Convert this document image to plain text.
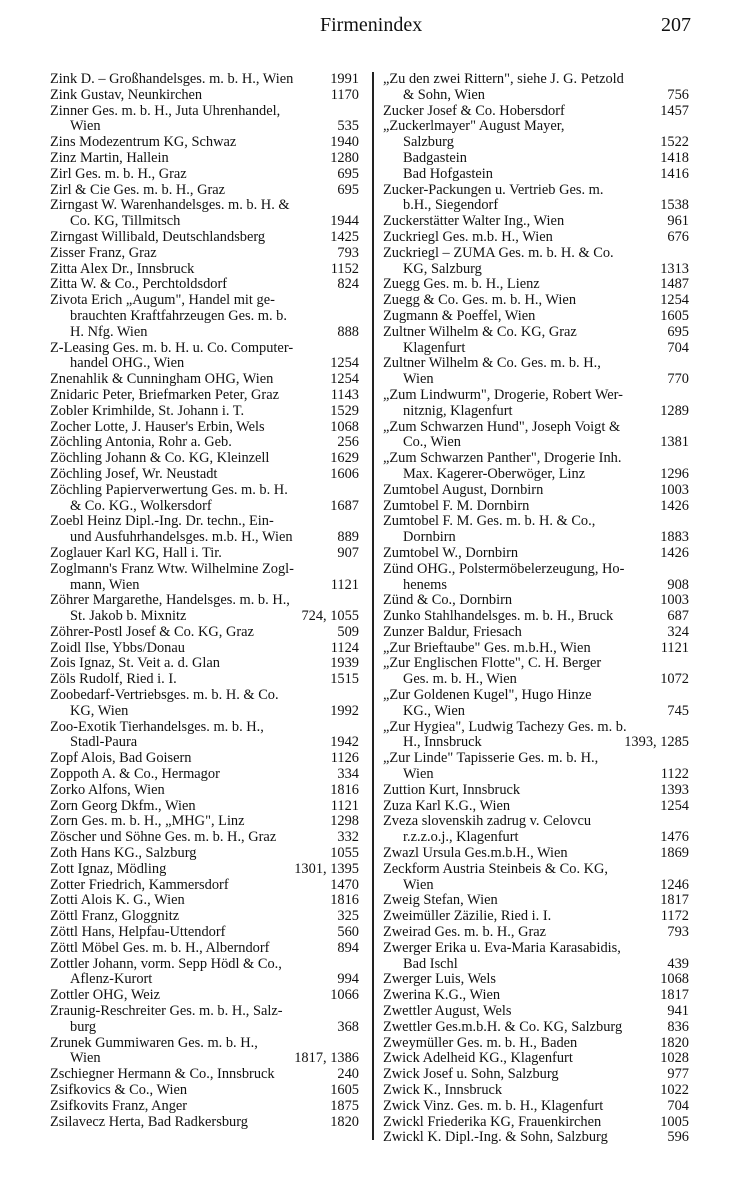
Firmenindex	207
Zink D. – Großhandelsges. m. b. H., Wien	1991
Zink Gustav, Neunkirchen	1170
Zinner Ges. m. b. H., Juta Uhrenhandel,
Wien	535
Zins Modezentrum KG, Schwaz	1940
Zinz Martin, Hallein	1280
Zirl Ges. m. b. H., Graz	695
Zirl & Cie Ges. m. b. H., Graz	695
Zirngast W. Warenhandelsges. m. b. H. &
Co. KG, Tillmitsch	1944
Zirngast Willibald, Deutschlandsberg	1425
Zisser Franz, Graz	793
Zitta Alex Dr., Innsbruck	1152
Zitta W. & Co., Perchtoldsdorf	824
Zivota Erich „Augum", Handel mit ge-
brauchten Kraftfahrzeugen Ges. m. b.
H. Nfg. Wien	888
Z-Leasing Ges. m. b. H. u. Co. Computer-
handel OHG., Wien	1254
Znenahlik & Cunningham OHG, Wien	1254
Znidaric Peter, Briefmarken Peter, Graz	1143
Zobler Krimhilde, St. Johann i. T.	1529
Zocher Lotte, J. Hauser's Erbin, Wels	1068
Zöchling Antonia, Rohr a. Geb.	256
Zöchling Johann & Co. KG, Kleinzell	1629
Zöchling Josef, Wr. Neustadt	1606
Zöchling Papierverwertung Ges. m. b. H.
& Co. KG., Wolkersdorf	1687
Zoebl Heinz Dipl.-Ing. Dr. techn., Ein-
und Ausfuhrhandelsges. m.b. H., Wien	889
Zoglauer Karl KG, Hall i. Tir.	907
Zoglmann's Franz Wtw. Wilhelmine Zogl-
mann, Wien	1121
Zöhrer Margarethe, Handelsges. m. b. H.,
St. Jakob b. Mixnitz	724, 1055
Zöhrer-Postl Josef & Co. KG, Graz	509
Zoidl Ilse, Ybbs/Donau	1124
Zois Ignaz, St. Veit a. d. Glan	1939
Zöls Rudolf, Ried i. I.	1515
Zoobedarf-Vertriebsges. m. b. H. & Co.
KG, Wien	1992
Zoo-Exotik Tierhandelsges. m. b. H.,
Stadl-Paura	1942
Zopf Alois, Bad Goisern	1126
Zoppoth A. & Co., Hermagor	334
Zorko Alfons, Wien	1816
Zorn Georg Dkfm., Wien	1121
Zorn Ges. m. b. H., „MHG", Linz	1298
Zöscher und Söhne Ges. m. b. H., Graz	332
Zoth Hans KG., Salzburg	1055
Zott Ignaz, Mödling	1301, 1395
Zotter Friedrich, Kammersdorf	1470
Zotti Alois K. G., Wien	1816
Zöttl Franz, Gloggnitz	325
Zöttl Hans, Helpfau-Uttendorf	560
Zöttl Möbel Ges. m. b. H., Alberndorf	894
Zottler Johann, vorm. Sepp Hödl & Co.,
Aflenz-Kurort	994
Zottler OHG, Weiz	1066
Zraunig-Reschreiter Ges. m. b. H., Salz-
burg	368
Zrunek Gummiwaren Ges. m. b. H.,
Wien	1817, 1386
Zschiegner Hermann & Co., Innsbruck	240
Zsifkovics & Co., Wien	1605
Zsifkovits Franz, Anger	1875
Zsilavecz Herta, Bad Radkersburg	1820
„Zu den zwei Rittern", siehe J. G. Petzold
& Sohn, Wien	756
Zucker Josef & Co. Hobersdorf	1457
„Zuckerlmayer" August Mayer,
Salzburg	1522
Badgastein	1418
Bad Hofgastein	1416
Zucker-Packungen u. Vertrieb Ges. m.
b.H., Siegendorf	1538
Zuckerstätter Walter Ing., Wien	961
Zuckriegl Ges. m.b. H., Wien	676
Zuckriegl – ZUMA Ges. m. b. H. & Co.
KG, Salzburg	1313
Zuegg Ges. m. b. H., Lienz	1487
Zuegg & Co. Ges. m. b. H., Wien	1254
Zugmann & Poeffel, Wien	1605
Zultner Wilhelm & Co. KG, Graz	695
Klagenfurt	704
Zultner Wilhelm & Co. Ges. m. b. H.,
Wien	770
„Zum Lindwurm", Drogerie, Robert Wer-
nitznig, Klagenfurt	1289
„Zum Schwarzen Hund", Joseph Voigt &
Co., Wien	1381
„Zum Schwarzen Panther", Drogerie Inh.
Max. Kagerer-Oberwöger, Linz	1296
Zumtobel August, Dornbirn	1003
Zumtobel F. M. Dornbirn	1426
Zumtobel F. M. Ges. m. b. H. & Co.,
Dornbirn	1883
Zumtobel W., Dornbirn	1426
Zünd OHG., Polstermöbelerzeugung, Ho-
henems	908
Zünd & Co., Dornbirn	1003
Zunko Stahlhandelsges. m. b. H., Bruck	687
Zunzer Baldur, Friesach	324
„Zur Brieftaube" Ges. m.b.H., Wien	1121
„Zur Englischen Flotte", C. H. Berger
Ges. m. b. H., Wien	1072
„Zur Goldenen Kugel", Hugo Hinze
KG., Wien	745
„Zur Hygiea", Ludwig Tachezy Ges. m. b.
H., Innsbruck	1393, 1285
„Zur Linde" Tapisserie Ges. m. b. H.,
Wien	1122
Zuttion Kurt, Innsbruck	1393
Zuza Karl K.G., Wien	1254
Zveza slovenskih zadrug v. Celovcu
r.z.z.o.j., Klagenfurt	1476
Zwazl Ursula Ges.m.b.H., Wien	1869
Zeckform Austria Steinbeis & Co. KG,
Wien	1246
Zweig Stefan, Wien	1817
Zweimüller Zäzilie, Ried i. I.	1172
Zweirad Ges. m. b. H., Graz	793
Zwerger Erika u. Eva-Maria Karasabidis,
Bad Ischl	439
Zwerger Luis, Wels	1068
Zwerina K.G., Wien	1817
Zwettler August, Wels	941
Zwettler Ges.m.b.H. & Co. KG, Salzburg	836
Zweymüller Ges. m. b. H., Baden	1820
Zwick Adelheid KG., Klagenfurt	1028
Zwick Josef u. Sohn, Salzburg	977
Zwick K., Innsbruck	1022
Zwick Vinz. Ges. m. b. H., Klagenfurt	704
Zwickl Friederika KG, Frauenkirchen	1005
Zwickl K. Dipl.-Ing. & Sohn, Salzburg	596
